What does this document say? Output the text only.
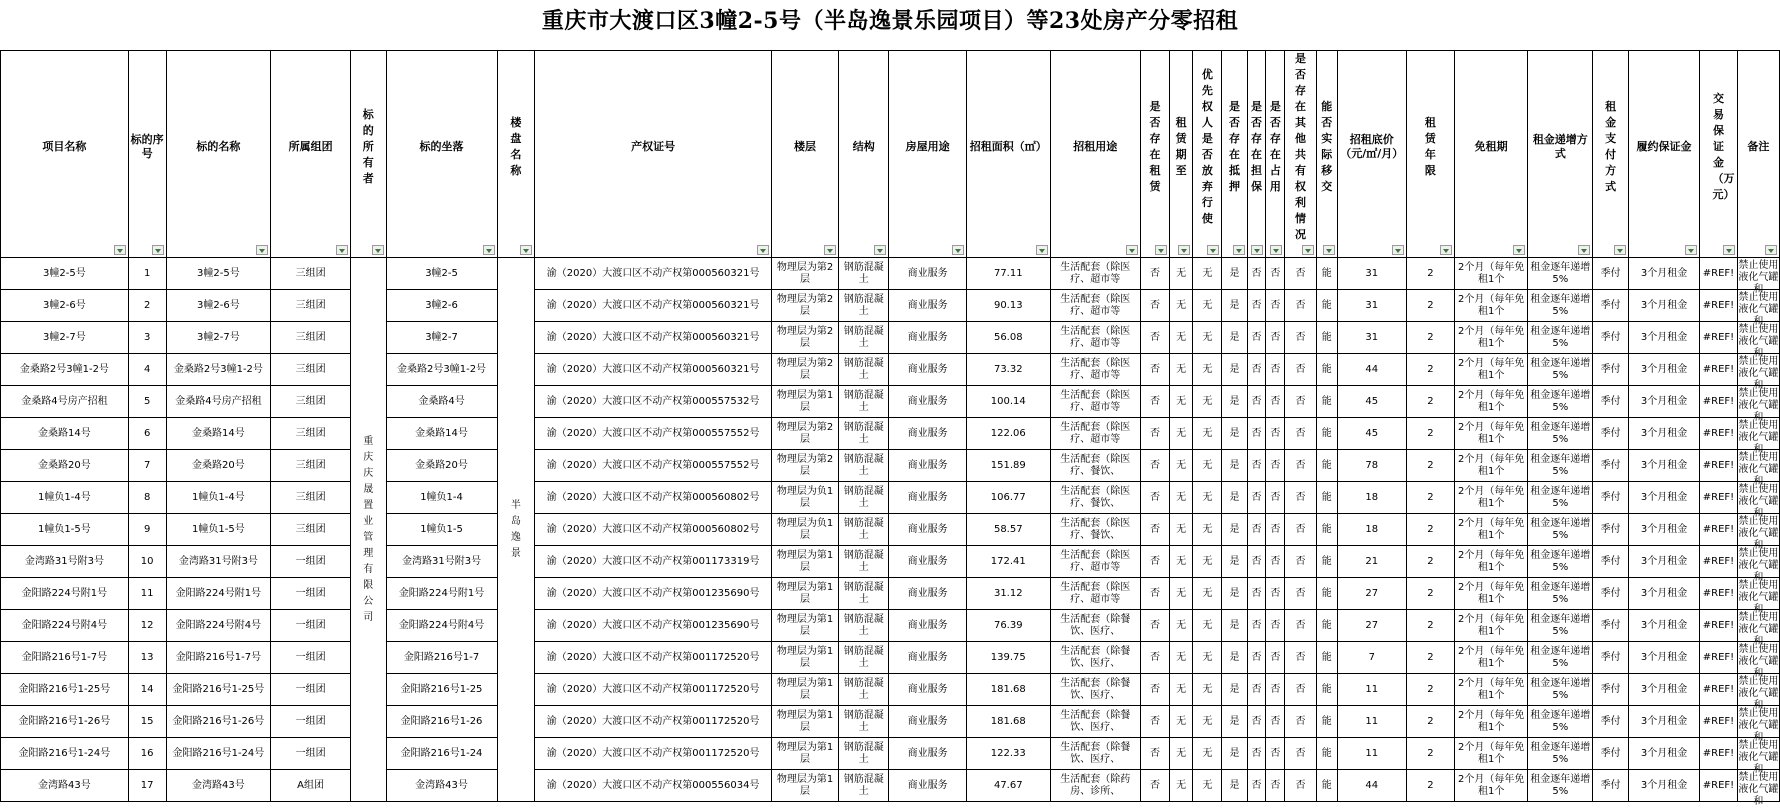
重庆市大渡口区3幢2-5号（半岛逸景乐园项目）等23处房产分零招租
项目名称	标的序号	标的名称	所属组团	标的所有者	标的坐落	楼盘名称	产权证号	楼层	结构	房屋用途	招租面积（㎡）	招租用途	是否存在租赁	租赁期至	优先权人是否放弃行使	是否存在抵押	是否存在担保	是否存在占用	是否存在其他共有权利情况	能否实际移交	招租底价（元/㎡/月）	租赁年限	免租期	租金递增方式	租金支付方式	履约保证金	交易保证金（万元）	备注

3幢2-5号	1	3幢2-5号	三组团	重庆庆晟置业管理有限公司	3幢2-5	半岛逸景	渝（2020）大渡口区不动产权第000560321号	物理层为第2层	钢筋混凝土	商业服务	77.11	生活配套（除医疗、超市等	否	无	无	是	否	否	否	能	31	2	2个月（每年免租1个	租金逐年递增5%	季付	3个月租金	#REF!	禁止使用液化气罐和

3幢2-6号	2	3幢2-6号	三组团		3幢2-6		渝（2020）大渡口区不动产权第000560321号	物理层为第2层	钢筋混凝土	商业服务	90.13	生活配套（除医疗、超市等	否	无	无	是	否	否	否	能	31	2	2个月（每年免租1个	租金逐年递增5%	季付	3个月租金	#REF!	禁止使用液化气罐和

3幢2-7号	3	3幢2-7号	三组团		3幢2-7		渝（2020）大渡口区不动产权第000560321号	物理层为第2层	钢筋混凝土	商业服务	56.08	生活配套（除医疗、超市等	否	无	无	是	否	否	否	能	31	2	2个月（每年免租1个	租金逐年递增5%	季付	3个月租金	#REF!	禁止使用液化气罐和

金桑路2号3幢1-2号	4	金桑路2号3幢1-2号	三组团		金桑路2号3幢1-2号		渝（2020）大渡口区不动产权第000560321号	物理层为第2层	钢筋混凝土	商业服务	73.32	生活配套（除医疗、超市等	否	无	无	是	否	否	否	能	44	2	2个月（每年免租1个	租金逐年递增5%	季付	3个月租金	#REF!	禁止使用液化气罐和

金桑路4号房产招租	5	金桑路4号房产招租	三组团		金桑路4号		渝（2020）大渡口区不动产权第000557532号	物理层为第1层	钢筋混凝土	商业服务	100.14	生活配套（除医疗、超市等	否	无	无	是	否	否	否	能	45	2	2个月（每年免租1个	租金逐年递增5%	季付	3个月租金	#REF!	禁止使用液化气罐和

金桑路14号	6	金桑路14号	三组团		金桑路14号		渝（2020）大渡口区不动产权第000557552号	物理层为第2层	钢筋混凝土	商业服务	122.06	生活配套（除医疗、超市等	否	无	无	是	否	否	否	能	45	2	2个月（每年免租1个	租金逐年递增5%	季付	3个月租金	#REF!	禁止使用液化气罐和

金桑路20号	7	金桑路20号	三组团		金桑路20号		渝（2020）大渡口区不动产权第000557552号	物理层为第2层	钢筋混凝土	商业服务	151.89	生活配套（除医疗、餐饮、	否	无	无	是	否	否	否	能	78	2	2个月（每年免租1个	租金逐年递增5%	季付	3个月租金	#REF!	禁止使用液化气罐和

1幢负1-4号	8	1幢负1-4号	三组团		1幢负1-4		渝（2020）大渡口区不动产权第000560802号	物理层为负1层	钢筋混凝土	商业服务	106.77	生活配套（除医疗、餐饮、	否	无	无	是	否	否	否	能	18	2	2个月（每年免租1个	租金逐年递增5%	季付	3个月租金	#REF!	禁止使用液化气罐和

1幢负1-5号	9	1幢负1-5号	三组团		1幢负1-5		渝（2020）大渡口区不动产权第000560802号	物理层为负1层	钢筋混凝土	商业服务	58.57	生活配套（除医疗、餐饮、	否	无	无	是	否	否	否	能	18	2	2个月（每年免租1个	租金逐年递增5%	季付	3个月租金	#REF!	禁止使用液化气罐和

金湾路31号附3号	10	金湾路31号附3号	一组团		金湾路31号附3号		渝（2020）大渡口区不动产权第001173319号	物理层为第1层	钢筋混凝土	商业服务	172.41	生活配套（除医疗、超市等	否	无	无	是	否	否	否	能	21	2	2个月（每年免租1个	租金逐年递增5%	季付	3个月租金	#REF!	禁止使用液化气罐和

金阳路224号附1号	11	金阳路224号附1号	一组团		金阳路224号附1号		渝（2020）大渡口区不动产权第001235690号	物理层为第1层	钢筋混凝土	商业服务	31.12	生活配套（除医疗、超市等	否	无	无	是	否	否	否	能	27	2	2个月（每年免租1个	租金逐年递增5%	季付	3个月租金	#REF!	禁止使用液化气罐和

金阳路224号附4号	12	金阳路224号附4号	一组团		金阳路224号附4号		渝（2020）大渡口区不动产权第001235690号	物理层为第1层	钢筋混凝土	商业服务	76.39	生活配套（除餐饮、医疗、	否	无	无	是	否	否	否	能	27	2	2个月（每年免租1个	租金逐年递增5%	季付	3个月租金	#REF!	禁止使用液化气罐和

金阳路216号1-7号	13	金阳路216号1-7号	一组团		金阳路216号1-7		渝（2020）大渡口区不动产权第001172520号	物理层为第1层	钢筋混凝土	商业服务	139.75	生活配套（除餐饮、医疗、	否	无	无	是	否	否	否	能	7	2	2个月（每年免租1个	租金逐年递增5%	季付	3个月租金	#REF!	禁止使用液化气罐和

金阳路216号1-25号	14	金阳路216号1-25号	一组团		金阳路216号1-25		渝（2020）大渡口区不动产权第001172520号	物理层为第1层	钢筋混凝土	商业服务	181.68	生活配套（除餐饮、医疗、	否	无	无	是	否	否	否	能	11	2	2个月（每年免租1个	租金逐年递增5%	季付	3个月租金	#REF!	禁止使用液化气罐和

金阳路216号1-26号	15	金阳路216号1-26号	一组团		金阳路216号1-26		渝（2020）大渡口区不动产权第001172520号	物理层为第1层	钢筋混凝土	商业服务	181.68	生活配套（除餐饮、医疗、	否	无	无	是	否	否	否	能	11	2	2个月（每年免租1个	租金逐年递增5%	季付	3个月租金	#REF!	禁止使用液化气罐和

金阳路216号1-24号	16	金阳路216号1-24号	一组团		金阳路216号1-24		渝（2020）大渡口区不动产权第001172520号	物理层为第1层	钢筋混凝土	商业服务	122.33	生活配套（除餐饮、医疗、	否	无	无	是	否	否	否	能	11	2	2个月（每年免租1个	租金逐年递增5%	季付	3个月租金	#REF!	禁止使用液化气罐和

金湾路43号	17	金湾路43号	A组团		金湾路43号		渝（2020）大渡口区不动产权第000556034号	物理层为第1层	钢筋混凝土	商业服务	47.67	生活配套（除药房、诊所、	否	无	无	是	否	否	否	能	44	2	2个月（每年免租1个	租金逐年递增5%	季付	3个月租金	#REF!	禁止使用液化气罐和
